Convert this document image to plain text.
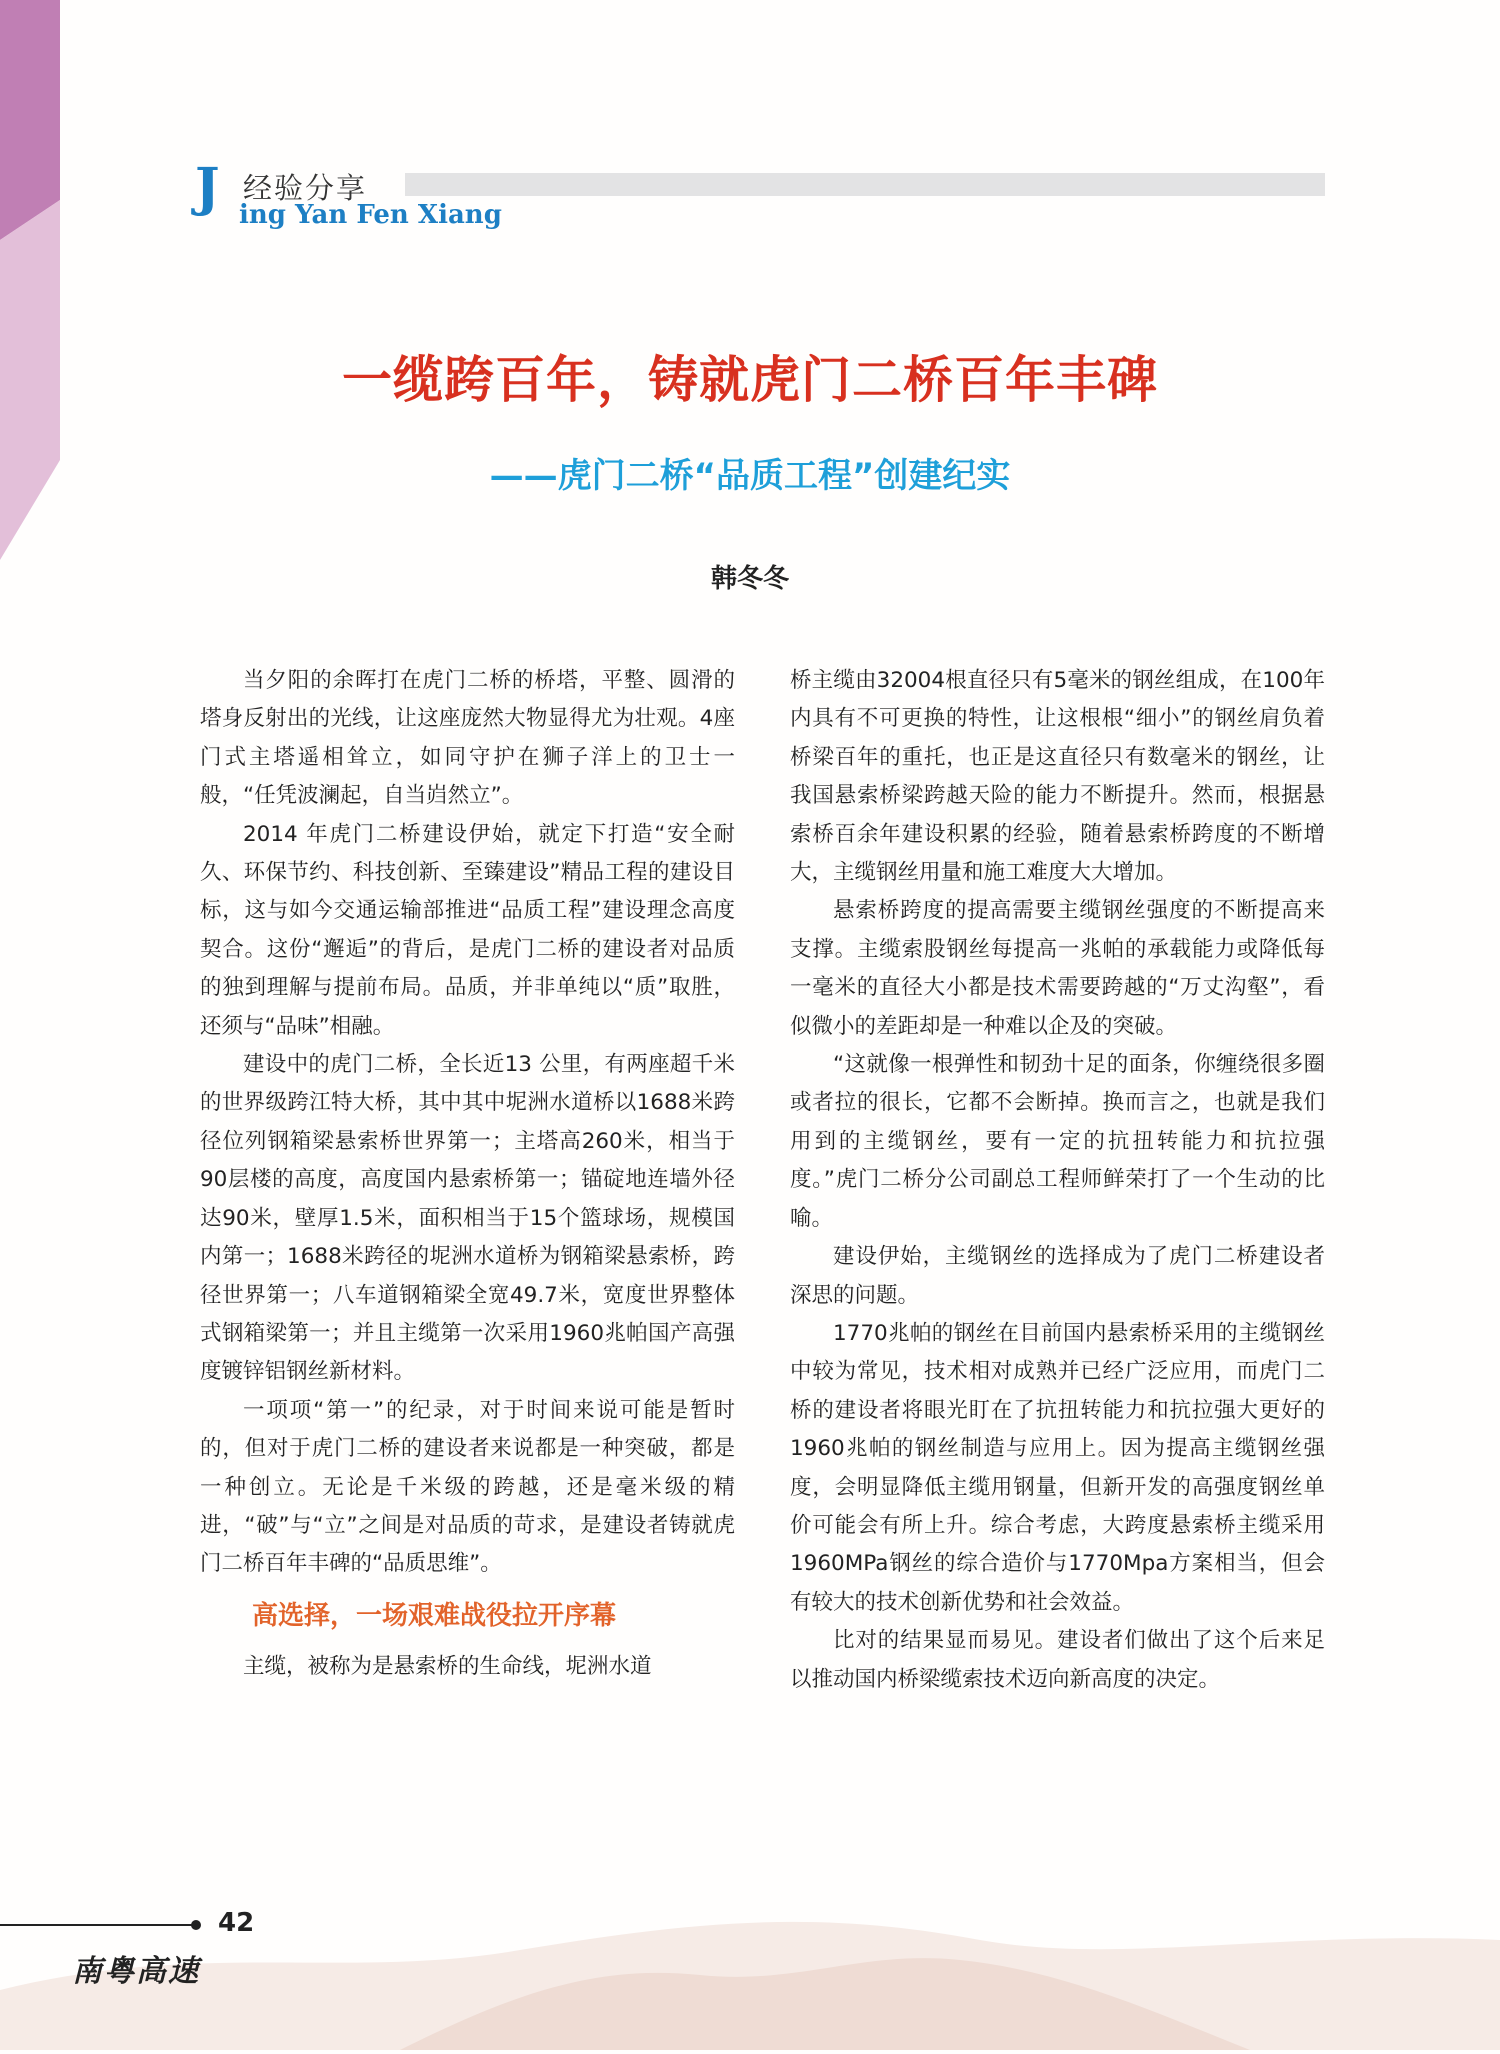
J 经验分享
ing Yan Fen Xiang
一缆跨百年，铸就虎门二桥百年丰碑
——虎门二桥“品质工程”创建纪实
韩冬冬

当夕阳的余晖打在虎门二桥的桥塔，平整、圆滑的塔身反射出的光线，让这座庞然大物显得尤为壮观。4座门式主塔遥相耸立，如同守护在狮子洋上的卫士一般，“任凭波澜起，自当岿然立”。

2014 年虎门二桥建设伊始，就定下打造“安全耐久、环保节约、科技创新、至臻建设”精品工程的建设目标，这与如今交通运输部推进“品质工程”建设理念高度契合。这份“邂逅”的背后，是虎门二桥的建设者对品质的独到理解与提前布局。品质，并非单纯以“质”取胜，还须与“品味”相融。

建设中的虎门二桥，全长近13 公里，有两座超千米的世界级跨江特大桥，其中其中坭洲水道桥以1688米跨径位列钢箱梁悬索桥世界第一；主塔高260米，相当于90层楼的高度，高度国内悬索桥第一；锚碇地连墙外径达90米，壁厚1.5米，面积相当于15个篮球场，规模国内第一；1688米跨径的坭洲水道桥为钢箱梁悬索桥，跨径世界第一；八车道钢箱梁全宽49.7米，宽度世界整体式钢箱梁第一；并且主缆第一次采用1960兆帕国产高强度镀锌铝钢丝新材料。

一项项“第一”的纪录，对于时间来说可能是暂时的，但对于虎门二桥的建设者来说都是一种突破，都是一种创立。无论是千米级的跨越，还是毫米级的精进，“破”与“立”之间是对品质的苛求，是建设者铸就虎门二桥百年丰碑的“品质思维”。

高选择，一场艰难战役拉开序幕

主缆，被称为是悬索桥的生命线，坭洲水道

桥主缆由32004根直径只有5毫米的钢丝组成，在100年内具有不可更换的特性，让这根根“细小”的钢丝肩负着桥梁百年的重托，也正是这直径只有数毫米的钢丝，让我国悬索桥梁跨越天险的能力不断提升。然而，根据悬索桥百余年建设积累的经验，随着悬索桥跨度的不断增大，主缆钢丝用量和施工难度大大增加。

悬索桥跨度的提高需要主缆钢丝强度的不断提高来支撑。主缆索股钢丝每提高一兆帕的承载能力或降低每一毫米的直径大小都是技术需要跨越的“万丈沟壑”，看似微小的差距却是一种难以企及的突破。

“这就像一根弹性和韧劲十足的面条，你缠绕很多圈或者拉的很长，它都不会断掉。换而言之，也就是我们用到的主缆钢丝，要有一定的抗扭转能力和抗拉强度。”虎门二桥分公司副总工程师鲜荣打了一个生动的比喻。

建设伊始，主缆钢丝的选择成为了虎门二桥建设者深思的问题。

1770兆帕的钢丝在目前国内悬索桥采用的主缆钢丝中较为常见，技术相对成熟并已经广泛应用，而虎门二桥的建设者将眼光盯在了抗扭转能力和抗拉强大更好的1960兆帕的钢丝制造与应用上。因为提高主缆钢丝强度，会明显降低主缆用钢量，但新开发的高强度钢丝单价可能会有所上升。综合考虑，大跨度悬索桥主缆采用1960MPa钢丝的综合造价与1770Mpa方案相当，但会有较大的技术创新优势和社会效益。

比对的结果显而易见。建设者们做出了这个后来足以推动国内桥梁缆索技术迈向新高度的决定。

42
南粤高速
